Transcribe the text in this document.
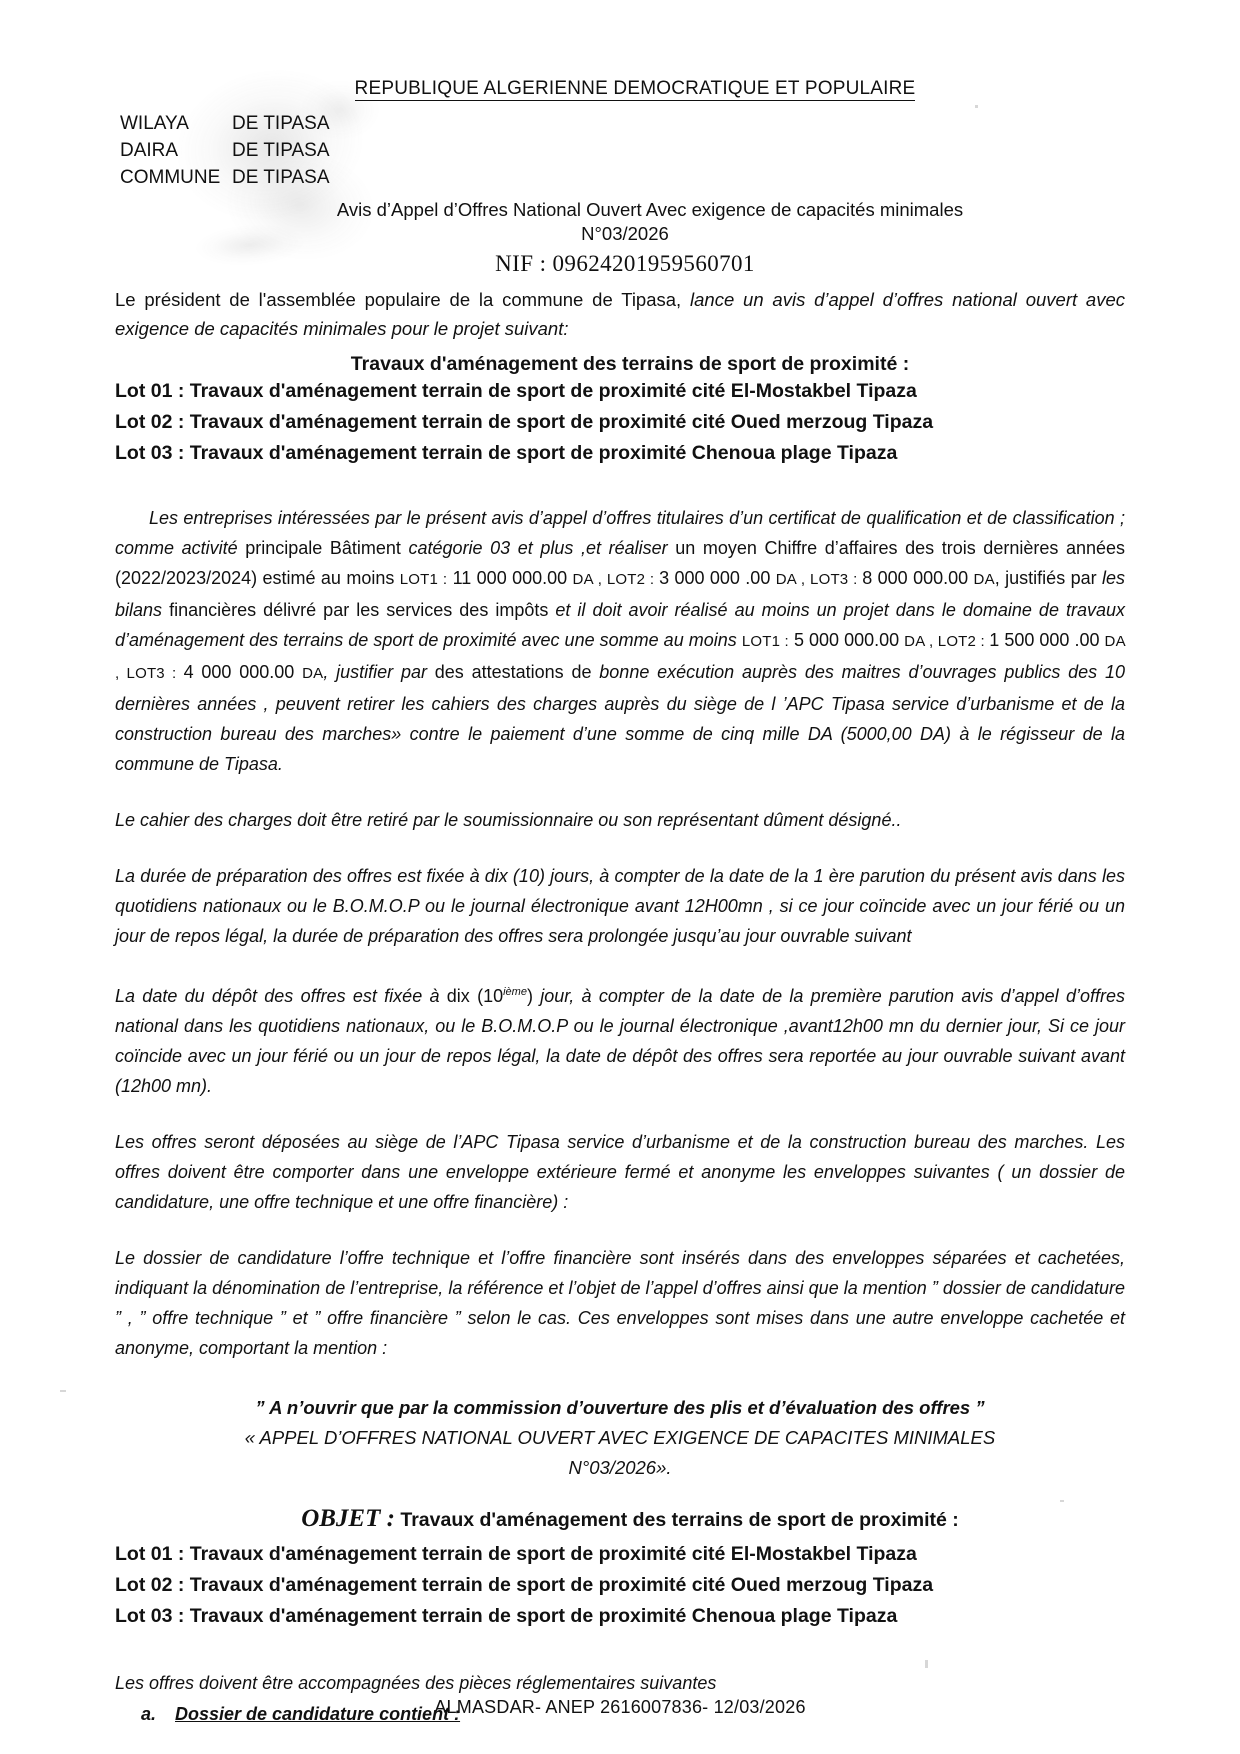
REPUBLIQUE ALGERIENNE DEMOCRATIQUE ET POPULAIRE
WILAYA DE TIPASA
DAIRA	DE TIPASA
COMMUNE DE TIPASA
Avis d’Appel d’Offres National Ouvert Avec exigence de capacités minimales
N°03/2026
NIF : 09624201959560701
Le président de l'assemblée populaire de la commune de Tipasa, lance un avis d’appel d’offres national ouvert avec exigence de capacités minimales pour le projet suivant:
Travaux d'aménagement des terrains de sport de proximité :
Lot 01 : Travaux d'aménagement terrain de sport de proximité cité El-Mostakbel Tipaza
Lot 02 : Travaux d'aménagement terrain de sport de proximité cité Oued merzoug Tipaza
Lot 03 : Travaux d'aménagement terrain de sport de proximité Chenoua plage Tipaza

Les entreprises intéressées par le présent avis d’appel d’offres titulaires d’un certificat de qualification et de classification ; comme activité principale Bâtiment catégorie 03 et plus ,et réaliser un moyen Chiffre d’affaires des trois dernières années (2022/2023/2024) estimé au moins LOT1 : 11 000 000.00 DA , LOT2 : 3 000 000 .00 DA , LOT3 : 8 000 000.00 DA, justifiés par les bilans financières délivré par les services des impôts et il doit avoir réalisé au moins un projet dans le domaine de travaux d’aménagement des terrains de sport de proximité avec une somme au moins LOT1 : 5 000 000.00 DA , LOT2 : 1 500 000 .00 DA , LOT3 : 4 000 000.00 DA, justifier par des attestations de bonne exécution auprès des maitres d’ouvrages publics des 10 dernières années , peuvent retirer les cahiers des charges auprès du siège de l ’APC Tipasa service d’urbanisme et de la construction bureau des marches» contre le paiement d’une somme de cinq mille DA (5000,00 DA) à le régisseur de la commune de Tipasa.

Le cahier des charges doit être retiré par le soumissionnaire ou son représentant dûment désigné..

La durée de préparation des offres est fixée à dix (10) jours, à compter de la date de la 1 ère parution du présent avis dans les quotidiens nationaux ou le B.O.M.O.P ou le journal électronique avant 12H00mn , si ce jour coïncide avec un jour férié ou un jour de repos légal, la durée de préparation des offres sera prolongée jusqu’au jour ouvrable suivant

La date du dépôt des offres est fixée à dix (10ième) jour, à compter de la date de la première parution avis d’appel d’offres national dans les quotidiens nationaux, ou le B.O.M.O.P ou le journal électronique ,avant12h00 mn du dernier jour, Si ce jour coïncide avec un jour férié ou un jour de repos légal, la date de dépôt des offres sera reportée au jour ouvrable suivant avant (12h00 mn).

Les offres seront déposées au siège de l’APC Tipasa service d’urbanisme et de la construction bureau des marches. Les offres doivent être comporter dans une enveloppe extérieure fermé et anonyme les enveloppes suivantes ( un dossier de candidature, une offre technique et une offre financière) :

Le dossier de candidature l’offre technique et l’offre financière sont insérés dans des enveloppes séparées et cachetées, indiquant la dénomination de l’entreprise, la référence et l’objet de l’appel d’offres ainsi que la mention ” dossier de candidature ” , ” offre technique ” et ” offre financière ” selon le cas. Ces enveloppes sont mises dans une autre enveloppe cachetée et anonyme, comportant la mention :

” A n’ouvrir que par la commission d’ouverture des plis et d’évaluation des offres ”
« APPEL D’OFFRES NATIONAL OUVERT AVEC EXIGENCE DE CAPACITES MINIMALES
N°03/2026».
OBJET : Travaux d'aménagement des terrains de sport de proximité :
Lot 01 : Travaux d'aménagement terrain de sport de proximité cité El-Mostakbel Tipaza
Lot 02 : Travaux d'aménagement terrain de sport de proximité cité Oued merzoug Tipaza
Lot 03 : Travaux d'aménagement terrain de sport de proximité Chenoua plage Tipaza
Les offres doivent être accompagnées des pièces réglementaires suivantes
a. Dossier de candidature contient :
ALMASDAR- ANEP 2616007836- 12/03/2026
